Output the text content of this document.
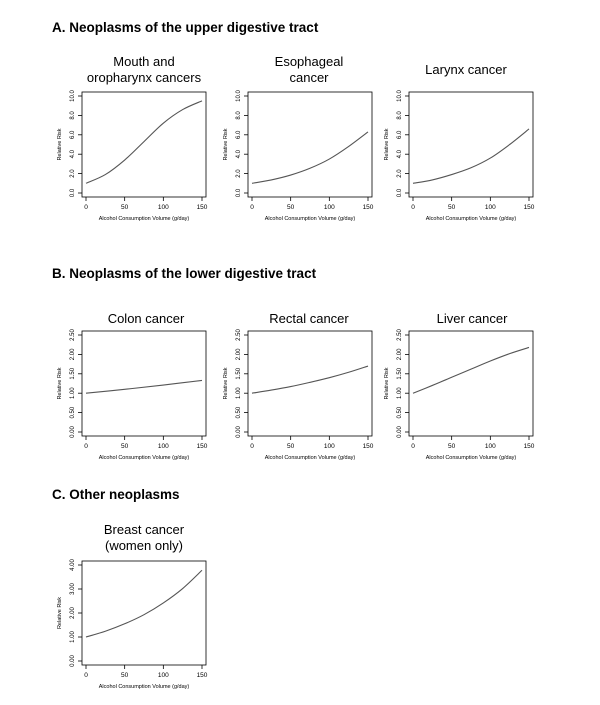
A. Neoplasms of the upper digestive tract
B. Neoplasms of the lower digestive tract
C. Other neoplasms
Mouth and
oropharynx cancers
Esophageal
cancer
Larynx cancer
Colon cancer	Rectal cancer	Liver cancer
Breast cancer
(women only)
0	50	100	150
0.0
2.0
4.0
6.0
8.0
10.0
Alcohol Consumption Volume (g/day)
Relative Risk
0	50	100	150
0.0
2.0
4.0
6.0
8.0
10.0
Alcohol Consumption Volume (g/day)
Relative Risk
0	50	100	150
0.0
2.0
4.0
6.0
8.0
10.0
Alcohol Consumption Volume (g/day)
Relative Risk
0	50	100	150
0.00
0.50
1.00
1.50
2.00
2.50
Alcohol Consumption Volume (g/day)
Relative Risk
0	50	100	150
0.00
0.50
1.00
1.50
2.00
2.50
Alcohol Consumption Volume (g/day)
Relative Risk
0	50	100	150
0.00
0.50
1.00
1.50
2.00
2.50
Alcohol Consumption Volume (g/day)
Relative Risk
0	50	100	150
0.00
1.00
2.00
3.00
4.00
Alcohol Consumption Volume (g/day)
Relative Risk
